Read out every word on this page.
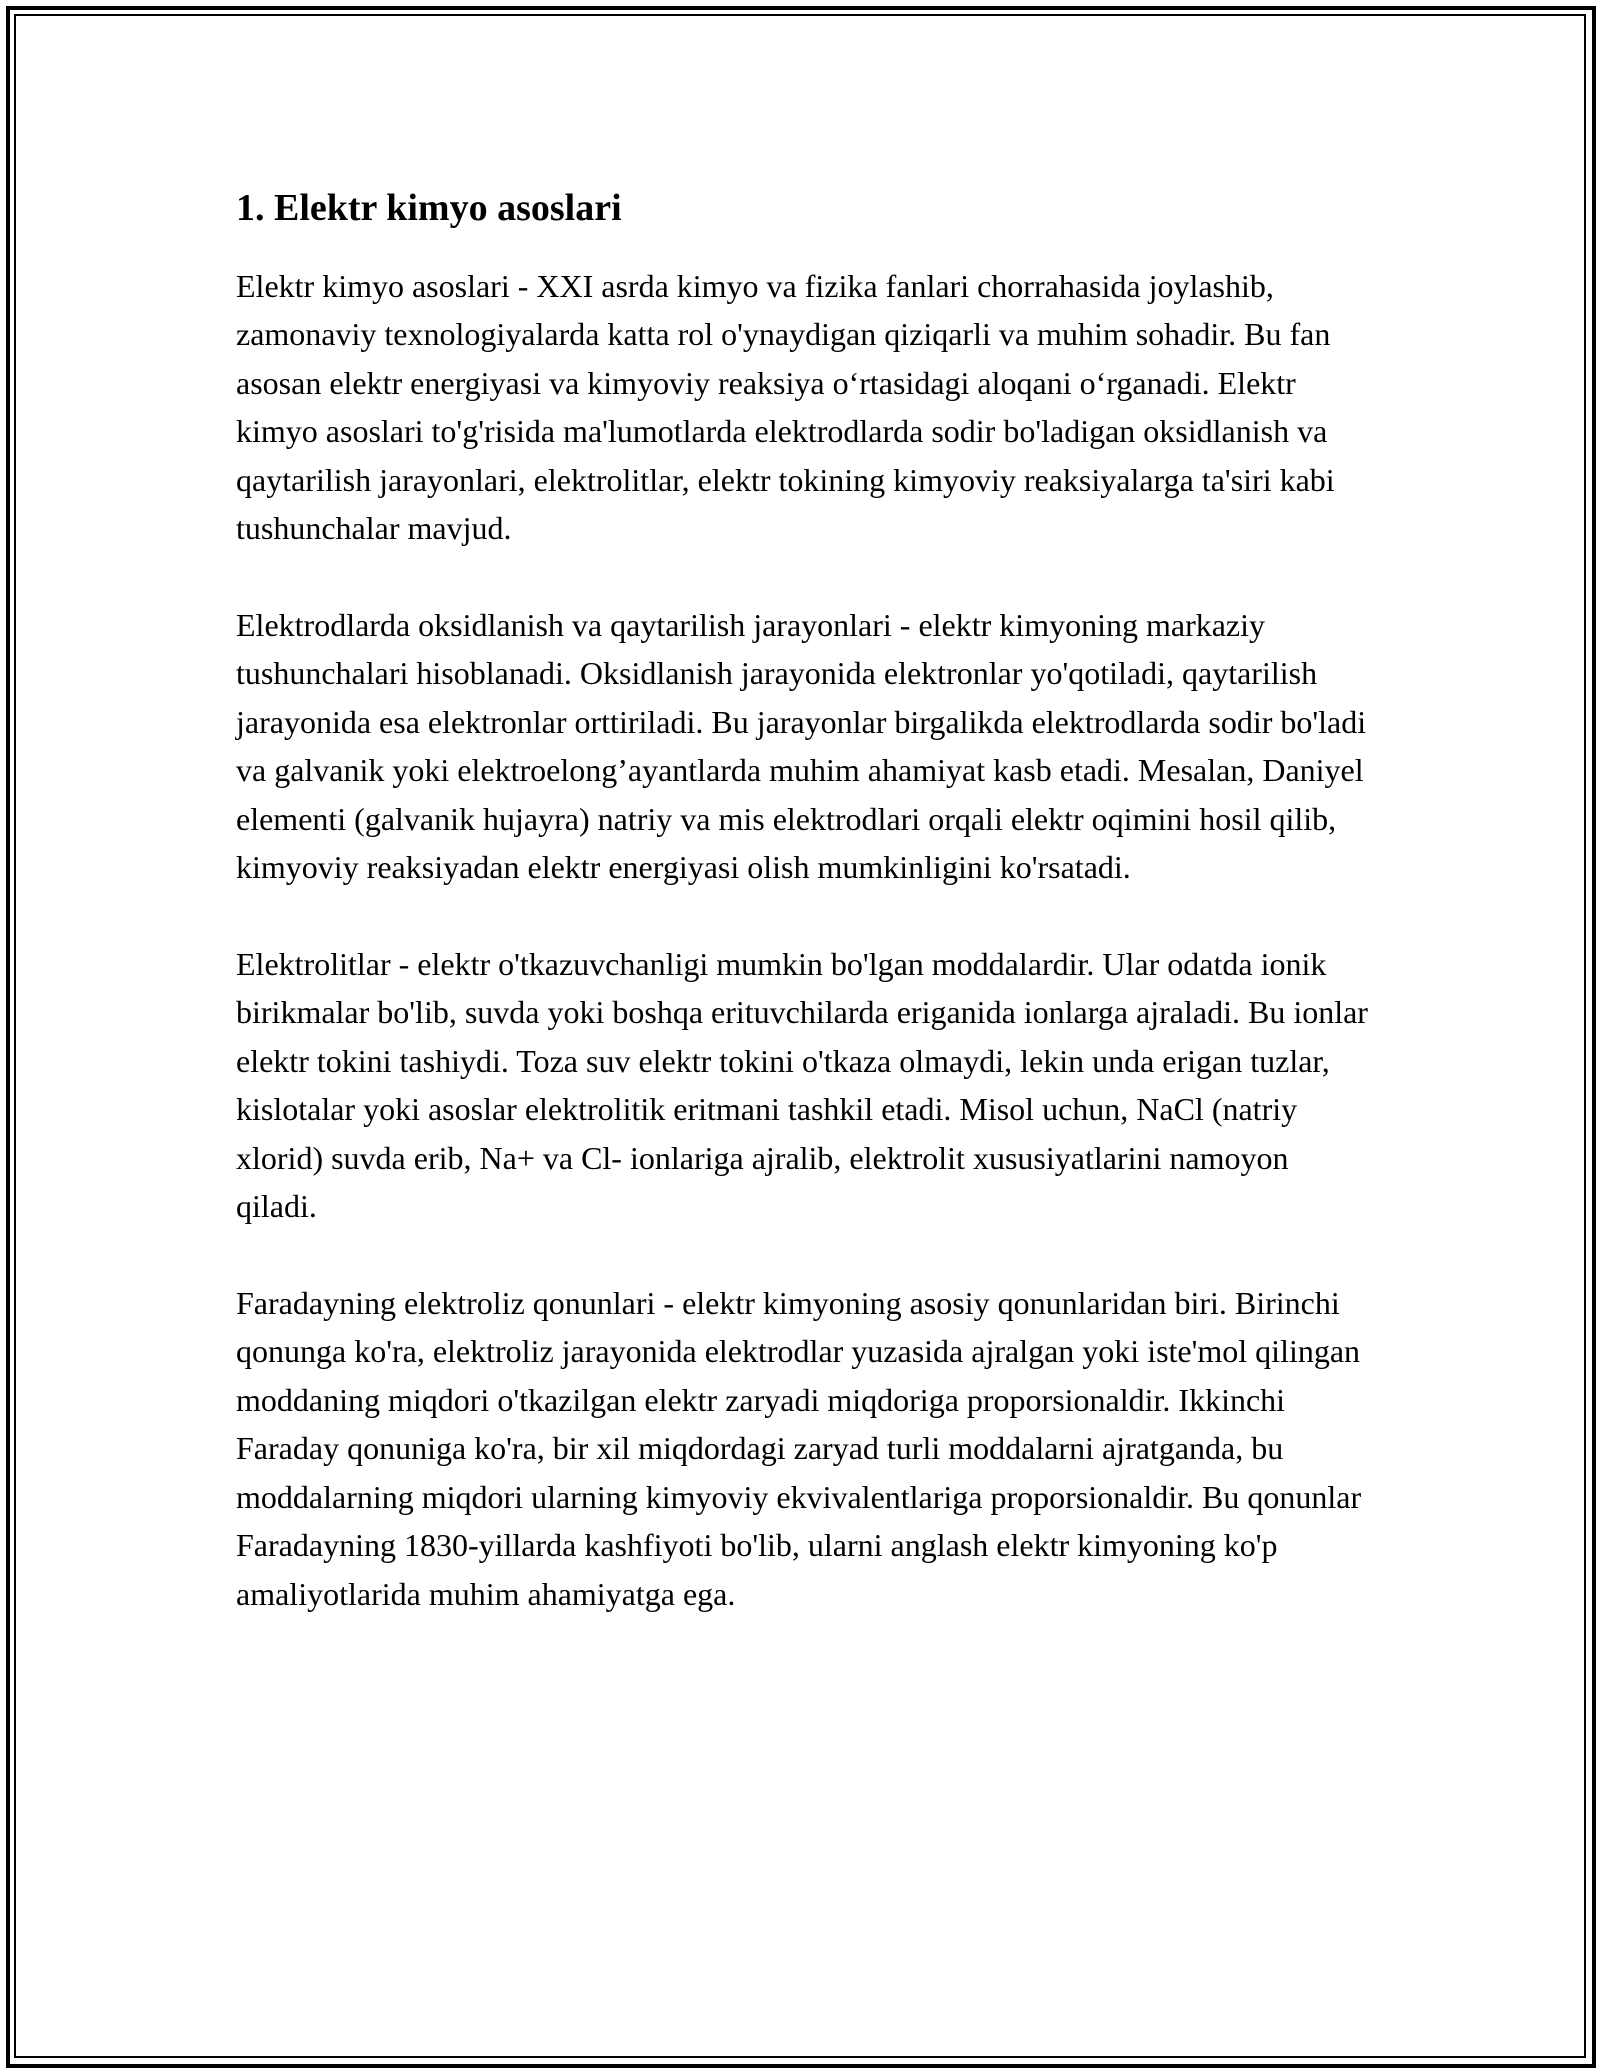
1. Elektr kimyo asoslari

Elektr kimyo asoslari - XXI asrda kimyo va fizika fanlari chorrahasida joylashib, zamonaviy texnologiyalarda katta rol o'ynaydigan qiziqarli va muhim sohadir. Bu fan asosan elektr energiyasi va kimyoviy reaksiya o‘rtasidagi aloqani o‘rganadi. Elektr kimyo asoslari to'g'risida ma'lumotlarda elektrodlarda sodir bo'ladigan oksidlanish va qaytarilish jarayonlari, elektrolitlar, elektr tokining kimyoviy reaksiyalarga ta'siri kabi tushunchalar mavjud.

Elektrodlarda oksidlanish va qaytarilish jarayonlari - elektr kimyoning markaziy tushunchalari hisoblanadi. Oksidlanish jarayonida elektronlar yo'qotiladi, qaytarilish jarayonida esa elektronlar orttiriladi. Bu jarayonlar birgalikda elektrodlarda sodir bo'ladi va galvanik yoki elektroelong’ayantlarda muhim ahamiyat kasb etadi. Mesalan, Daniyel elementi (galvanik hujayra) natriy va mis elektrodlari orqali elektr oqimini hosil qilib, kimyoviy reaksiyadan elektr energiyasi olish mumkinligini ko'rsatadi.

Elektrolitlar - elektr o'tkazuvchanligi mumkin bo'lgan moddalardir. Ular odatda ionik birikmalar bo'lib, suvda yoki boshqa erituvchilarda eriganida ionlarga ajraladi. Bu ionlar elektr tokini tashiydi. Toza suv elektr tokini o'tkaza olmaydi, lekin unda erigan tuzlar, kislotalar yoki asoslar elektrolitik eritmani tashkil etadi. Misol uchun, NaCl (natriy xlorid) suvda erib, Na+ va Cl- ionlariga ajralib, elektrolit xususiyatlarini namoyon qiladi.

Faradayning elektroliz qonunlari - elektr kimyoning asosiy qonunlaridan biri. Birinchi qonunga ko'ra, elektroliz jarayonida elektrodlar yuzasida ajralgan yoki iste'mol qilingan moddaning miqdori o'tkazilgan elektr zaryadi miqdoriga proporsionaldir. Ikkinchi Faraday qonuniga ko'ra, bir xil miqdordagi zaryad turli moddalarni ajratganda, bu moddalarning miqdori ularning kimyoviy ekvivalentlariga proporsionaldir. Bu qonunlar Faradayning 1830-yillarda kashfiyoti bo'lib, ularni anglash elektr kimyoning ko'p amaliyotlarida muhim ahamiyatga ega.
